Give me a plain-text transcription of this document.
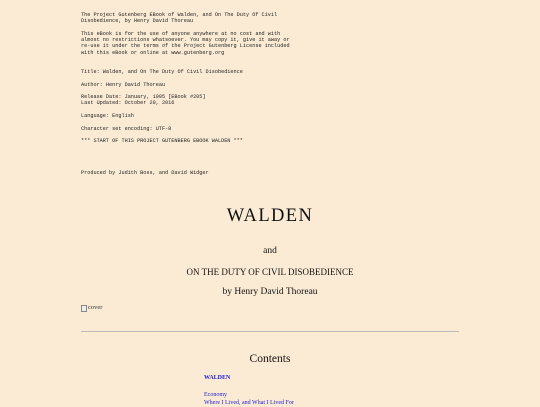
The Project Gutenberg EBook of Walden, and On The Duty Of Civil
Disobedience, by Henry David Thoreau
This eBook is for the use of anyone anywhere at no cost and with
almost no restrictions whatsoever. You may copy it, give it away or
re-use it under the terms of the Project Gutenberg License included
with this eBook or online at www.gutenberg.org
Title: Walden, and On The Duty Of Civil Disobedience
Author: Henry David Thoreau
Release Date: January, 1995 [EBook #205]
Last Updated: October 20, 2016
Language: English
Character set encoding: UTF-8
*** START OF THIS PROJECT GUTENBERG EBOOK WALDEN ***
Produced by Judith Boss, and David Widger
WALDEN
and
ON THE DUTY OF CIVIL DISOBEDIENCE
by Henry David Thoreau
cover
Contents
WALDEN
Economy
Where I Lived, and What I Lived For
